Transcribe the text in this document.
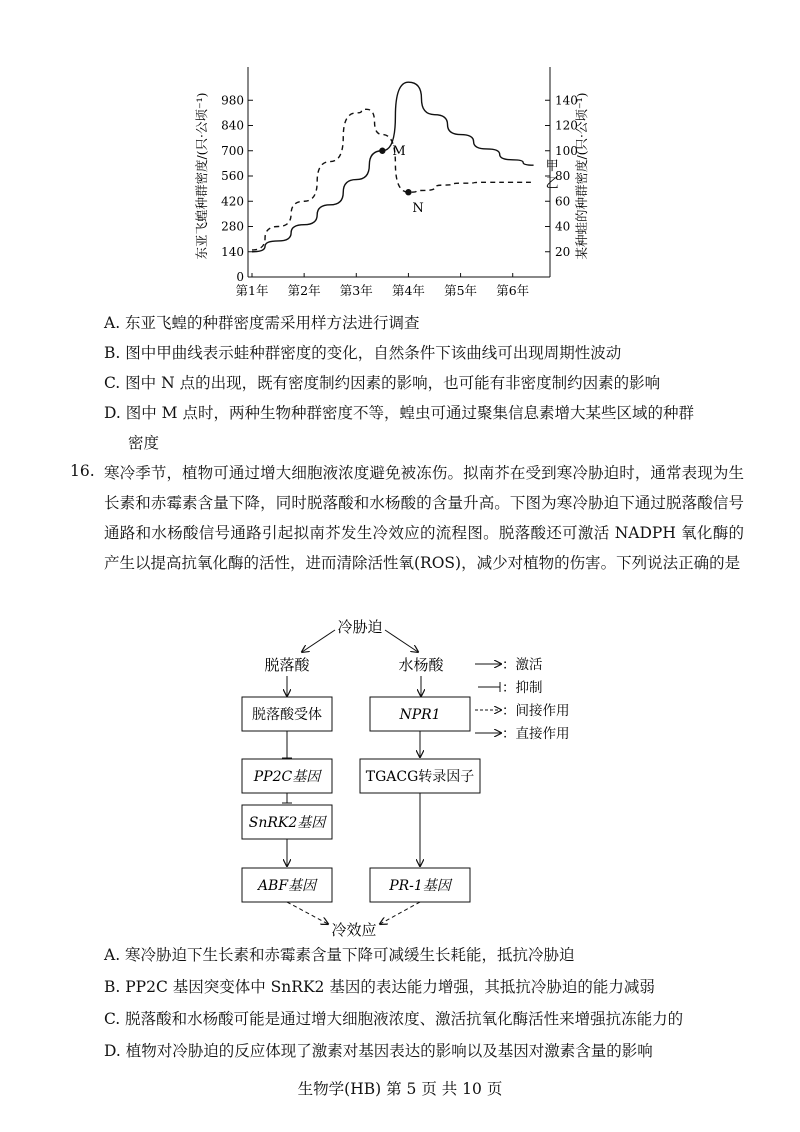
0
140
280
420
560
700
840
980
20
40
60
80
100
120
140
第1年 第2年 第3年 第4年 第5年 第6年
东亚飞蝗种群密度/(只·公顷⁻¹)	某种蛙的种群密度/(只·公顷⁻¹)
甲
乙
M
N
A. 东亚飞蝗的种群密度需采用样方法进行调查
B. 图中甲曲线表示蛙种群密度的变化，自然条件下该曲线可出现周期性波动
C. 图中 N 点的出现，既有密度制约因素的影响，也可能有非密度制约因素的影响
D. 图中 M 点时，两种生物种群密度不等，蝗虫可通过聚集信息素增大某些区域的种群
密度
16. 寒冷季节，植物可通过增大细胞液浓度避免被冻伤。拟南芥在受到寒冷胁迫时，通常表现为生长素和赤霉素含量下降，同时脱落酸和水杨酸的含量升高。下图为寒冷胁迫下通过脱落酸信号通路和水杨酸信号通路引起拟南芥发生冷效应的流程图。脱落酸还可激活 NADPH 氧化酶的产生以提高抗氧化酶的活性，进而清除活性氧(ROS)，减少对植物的伤害。下列说法正确的是
冷胁迫
脱落酸	水杨酸
脱落酸受体
PP2C基因
SnRK2基因
ABF基因
NPR1
TGACG转录因子
PR-1基因
冷效应
：激活
：抑制
：间接作用
：直接作用
A. 寒冷胁迫下生长素和赤霉素含量下降可减缓生长耗能，抵抗冷胁迫
B. PP2C 基因突变体中 SnRK2 基因的表达能力增强，其抵抗冷胁迫的能力减弱
C. 脱落酸和水杨酸可能是通过增大细胞液浓度、激活抗氧化酶活性来增强抗冻能力的
D. 植物对冷胁迫的反应体现了激素对基因表达的影响以及基因对激素含量的影响
生物学(HB) 第 5 页 共 10 页
